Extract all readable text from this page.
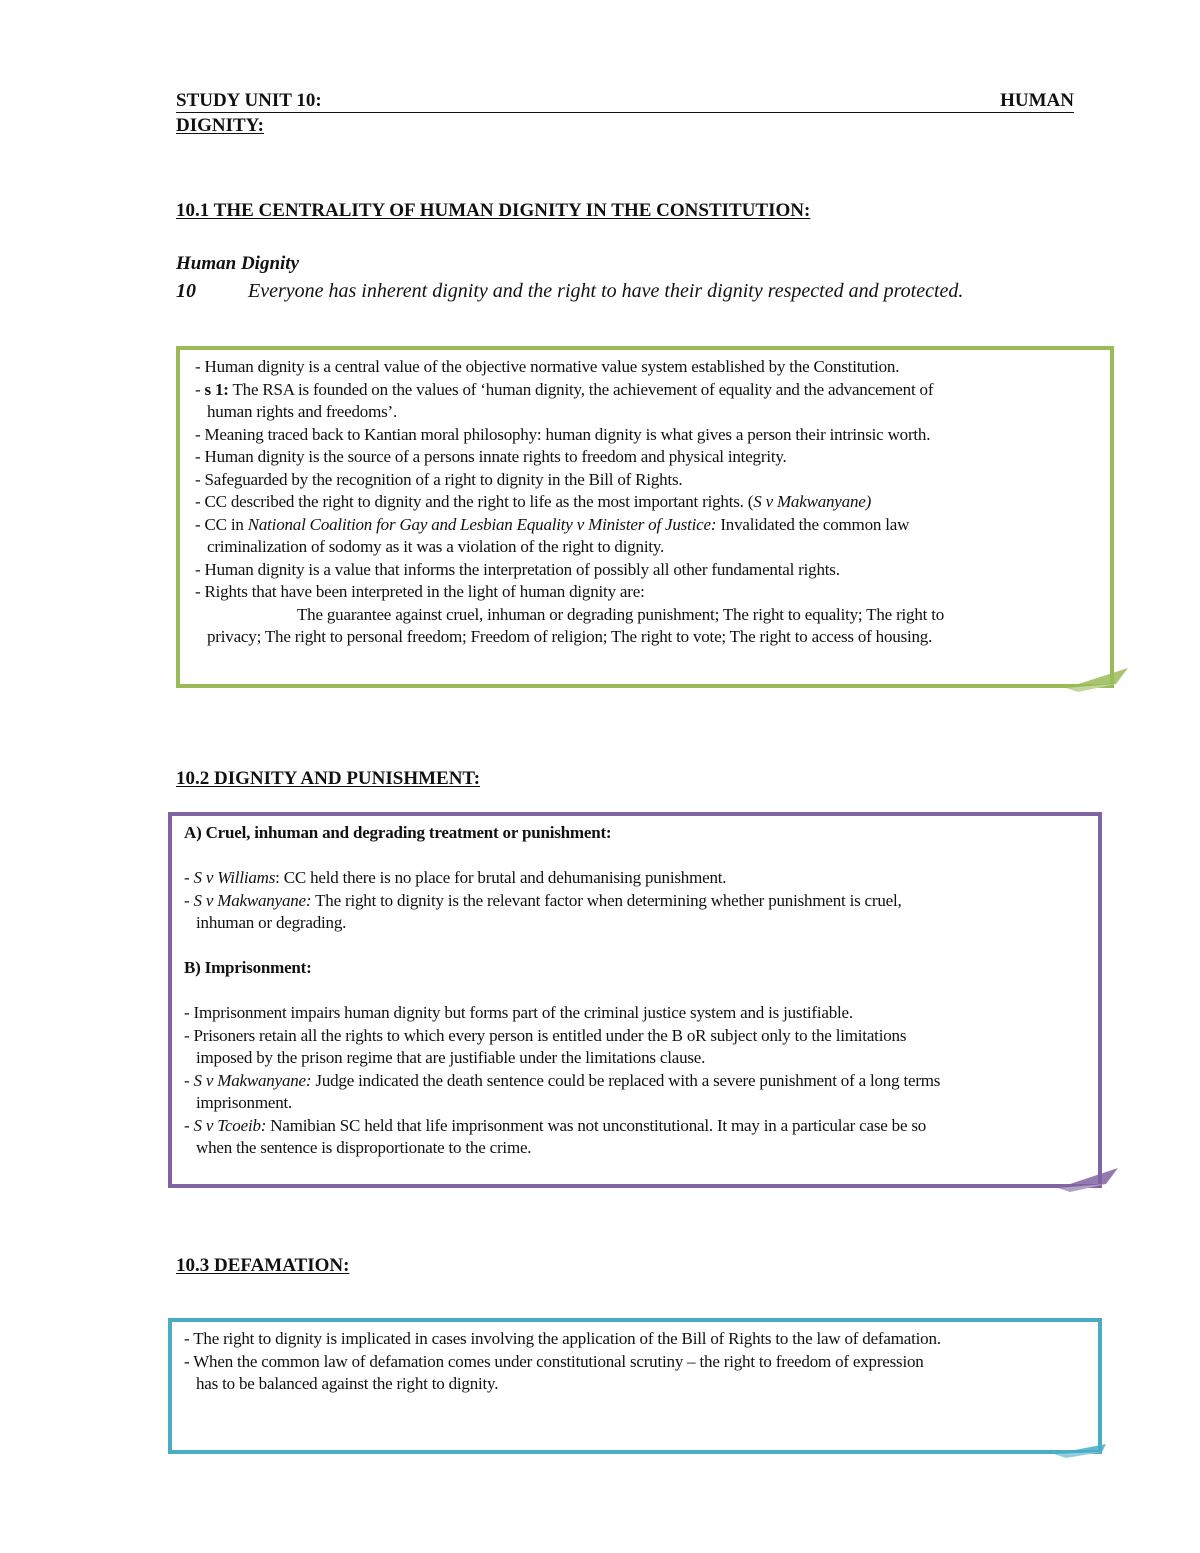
STUDY UNIT 10:	HUMAN
DIGNITY:
10.1 THE CENTRALITY OF HUMAN DIGNITY IN THE CONSTITUTION:
Human Dignity
10	Everyone has inherent dignity and the right to have their dignity respected and protected.

- Human dignity is a central value of the objective normative value system established by the Constitution.

- s 1: The RSA is founded on the values of ‘human dignity, the achievement of equality and the advancement of

human rights and freedoms’.

- Meaning traced back to Kantian moral philosophy: human dignity is what gives a person their intrinsic worth.

- Human dignity is the source of a persons innate rights to freedom and physical integrity.

- Safeguarded by the recognition of a right to dignity in the Bill of Rights.

- CC described the right to dignity and the right to life as the most important rights. (S v Makwanyane)

- CC in National Coalition for Gay and Lesbian Equality v Minister of Justice: Invalidated the common law

criminalization of sodomy as it was a violation of the right to dignity.

- Human dignity is a value that informs the interpretation of possibly all other fundamental rights.

- Rights that have been interpreted in the light of human dignity are:

The guarantee against cruel, inhuman or degrading punishment; The right to equality; The right to

privacy; The right to personal freedom; Freedom of religion; The right to vote; The right to access of housing.

10.2 DIGNITY AND PUNISHMENT:

A) Cruel, inhuman and degrading treatment or punishment:

- S v Williams: CC held there is no place for brutal and dehumanising punishment.

- S v Makwanyane: The right to dignity is the relevant factor when determining whether punishment is cruel,

inhuman or degrading.

B) Imprisonment:

- Imprisonment impairs human dignity but forms part of the criminal justice system and is justifiable.

- Prisoners retain all the rights to which every person is entitled under the B oR subject only to the limitations

imposed by the prison regime that are justifiable under the limitations clause.

- S v Makwanyane: Judge indicated the death sentence could be replaced with a severe punishment of a long terms

imprisonment.

- S v Tcoeib: Namibian SC held that life imprisonment was not unconstitutional. It may in a particular case be so

when the sentence is disproportionate to the crime.

10.3 DEFAMATION:

- The right to dignity is implicated in cases involving the application of the Bill of Rights to the law of defamation.

- When the common law of defamation comes under constitutional scrutiny – the right to freedom of expression

has to be balanced against the right to dignity.
